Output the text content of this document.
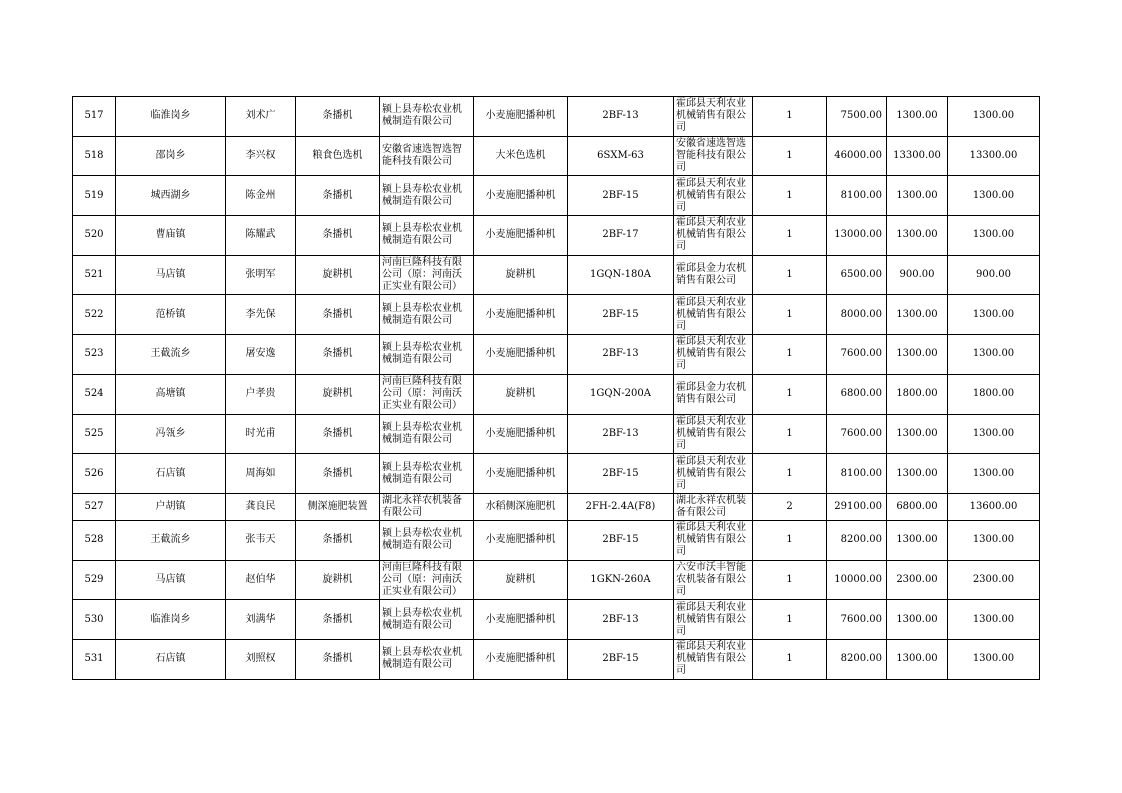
517	临淮岗乡	刘术广	条播机	颍上县寿松农业机械制造有限公司	小麦施肥播种机	2BF-13	霍邱县天利农业机械销售有限公司	1	7500.00	1300.00	1300.00
518	邵岗乡	李兴权	粮食色选机	安徽省速选智选智能科技有限公司	大米色选机	6SXM-63	安徽省速选智选智能科技有限公司	1	46000.00	13300.00	13300.00
519	城西湖乡	陈金州	条播机	颍上县寿松农业机械制造有限公司	小麦施肥播种机	2BF-15	霍邱县天利农业机械销售有限公司	1	8100.00	1300.00	1300.00
520	曹庙镇	陈耀武	条播机	颍上县寿松农业机械制造有限公司	小麦施肥播种机	2BF-17	霍邱县天利农业机械销售有限公司	1	13000.00	1300.00	1300.00
521	马店镇	张明军	旋耕机	河南巨隆科技有限公司（原：河南沃正实业有限公司）	旋耕机	1GQN-180A	霍邱县金力农机销售有限公司	1	6500.00	900.00	900.00
522	范桥镇	李先保	条播机	颍上县寿松农业机械制造有限公司	小麦施肥播种机	2BF-15	霍邱县天利农业机械销售有限公司	1	8000.00	1300.00	1300.00
523	王截流乡	屠安逸	条播机	颍上县寿松农业机械制造有限公司	小麦施肥播种机	2BF-13	霍邱县天利农业机械销售有限公司	1	7600.00	1300.00	1300.00
524	高塘镇	户孝贵	旋耕机	河南巨隆科技有限公司（原：河南沃正实业有限公司）	旋耕机	1GQN-200A	霍邱县金力农机销售有限公司	1	6800.00	1800.00	1800.00
525	冯瓴乡	时光甫	条播机	颍上县寿松农业机械制造有限公司	小麦施肥播种机	2BF-13	霍邱县天利农业机械销售有限公司	1	7600.00	1300.00	1300.00
526	石店镇	周海如	条播机	颍上县寿松农业机械制造有限公司	小麦施肥播种机	2BF-15	霍邱县天利农业机械销售有限公司	1	8100.00	1300.00	1300.00
527	户胡镇	龚良民	侧深施肥装置	湖北永祥农机装备有限公司	水稻侧深施肥机	2FH-2.4A(F8)	湖北永祥农机装备有限公司	2	29100.00	6800.00	13600.00
528	王截流乡	张韦天	条播机	颍上县寿松农业机械制造有限公司	小麦施肥播种机	2BF-15	霍邱县天利农业机械销售有限公司	1	8200.00	1300.00	1300.00
529	马店镇	赵伯华	旋耕机	河南巨隆科技有限公司（原：河南沃正实业有限公司）	旋耕机	1GKN-260A	六安市沃丰智能农机装备有限公司	1	10000.00	2300.00	2300.00
530	临淮岗乡	刘满华	条播机	颍上县寿松农业机械制造有限公司	小麦施肥播种机	2BF-13	霍邱县天利农业机械销售有限公司	1	7600.00	1300.00	1300.00
531	石店镇	刘照权	条播机	颍上县寿松农业机械制造有限公司	小麦施肥播种机	2BF-15	霍邱县天利农业机械销售有限公司	1	8200.00	1300.00	1300.00
